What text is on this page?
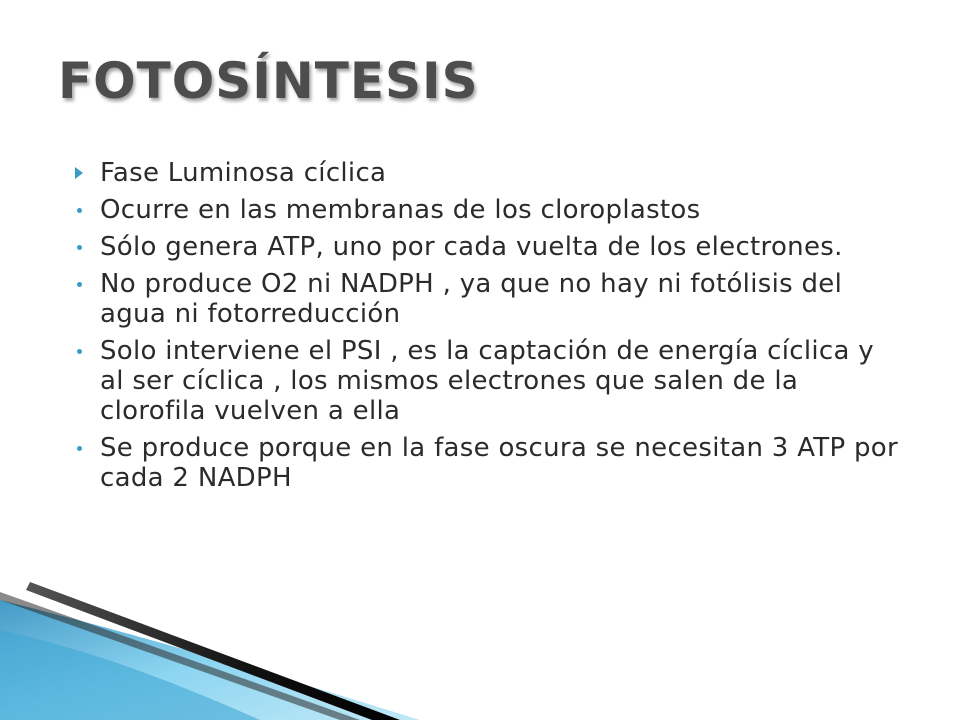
FOTOSÍNTESIS
Fase Luminosa cíclica
Ocurre en las membranas de los cloroplastos
Sólo genera ATP, uno por cada vuelta de los electrones.
No produce O2 ni NADPH , ya que no hay ni fotólisis del agua ni fotorreducción
Solo interviene el PSI , es la captación de energía cíclica y al ser cíclica , los mismos electrones que salen de la clorofila vuelven a ella
Se produce porque en la fase oscura se necesitan 3 ATP por cada 2 NADPH
